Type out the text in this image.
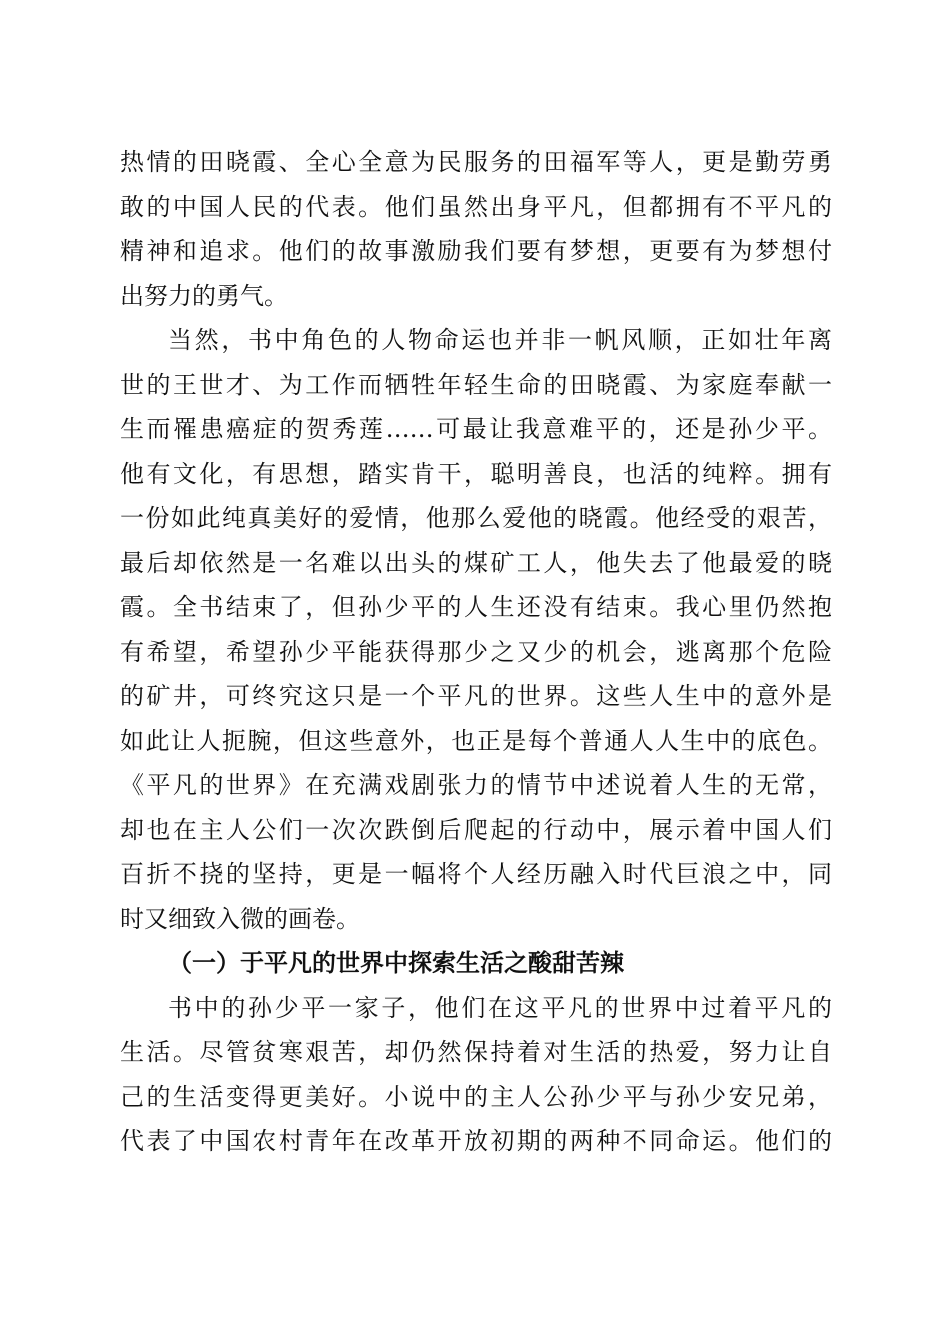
热情的田晓霞、全心全意为民服务的田福军等人，更是勤劳勇
敢的中国人民的代表。他们虽然出身平凡，但都拥有不平凡的
精神和追求。他们的故事激励我们要有梦想，更要有为梦想付
出努力的勇气。
当然，书中角色的人物命运也并非一帆风顺，正如壮年离
世的王世才、为工作而牺牲年轻生命的田晓霞、为家庭奉献一
生而罹患癌症的贺秀莲……可最让我意难平的，还是孙少平。
他有文化，有思想，踏实肯干，聪明善良，也活的纯粹。拥有
一份如此纯真美好的爱情，他那么爱他的晓霞。他经受的艰苦，
最后却依然是一名难以出头的煤矿工人，他失去了他最爱的晓
霞。全书结束了，但孙少平的人生还没有结束。我心里仍然抱
有希望，希望孙少平能获得那少之又少的机会，逃离那个危险
的矿井，可终究这只是一个平凡的世界。这些人生中的意外是
如此让人扼腕，但这些意外，也正是每个普通人人生中的底色。
《平凡的世界》在充满戏剧张力的情节中述说着人生的无常，
却也在主人公们一次次跌倒后爬起的行动中，展示着中国人们
百折不挠的坚持，更是一幅将个人经历融入时代巨浪之中，同
时又细致入微的画卷。
（一）于平凡的世界中探索生活之酸甜苦辣
书中的孙少平一家子，他们在这平凡的世界中过着平凡的
生活。尽管贫寒艰苦，却仍然保持着对生活的热爱，努力让自
己的生活变得更美好。小说中的主人公孙少平与孙少安兄弟，
代表了中国农村青年在改革开放初期的两种不同命运。他们的
